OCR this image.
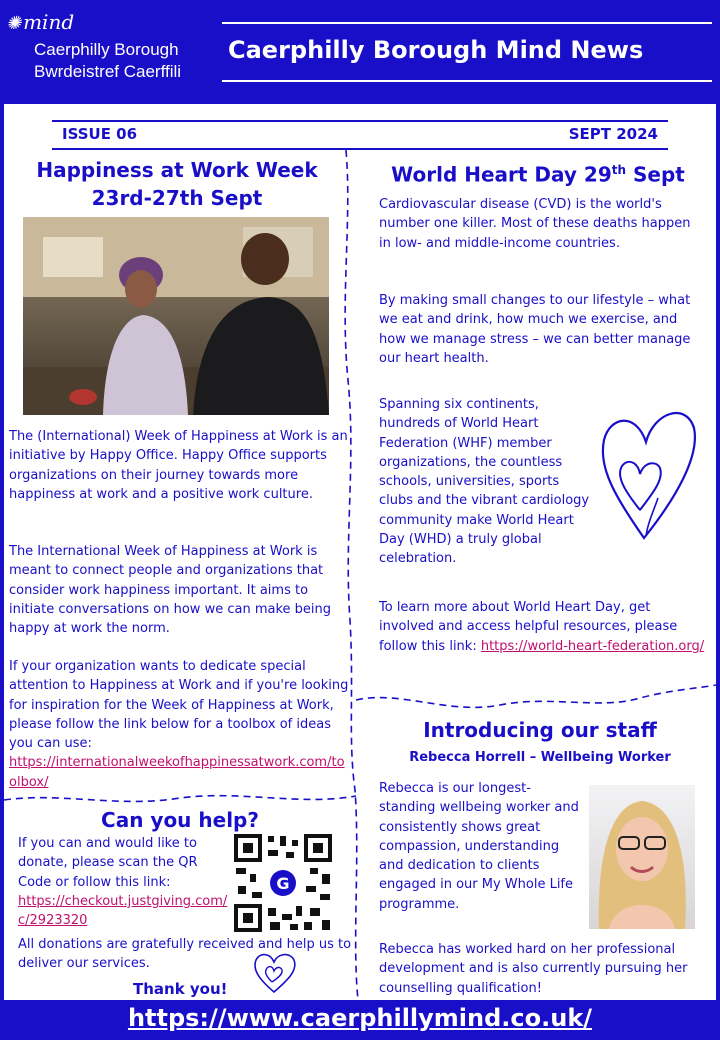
✺ mind
Caerphilly Borough
Bwrdeistref Caerffili
Caerphilly Borough Mind News
ISSUE 06	SEPT 2024
Happiness at Work Week
23rd-27th Sept

The (International) Week of Happiness at Work is an initiative by Happy Office. Happy Office supports organizations on their journey towards more happiness at work and a positive work culture.

The International Week of Happiness at Work is meant to connect people and organizations that consider work happiness important. It aims to initiate conversations on how we can make being happy at work the norm.

If your organization wants to dedicate special attention to Happiness at Work and if you're looking for inspiration for the Week of Happiness at Work, please follow the link below for a toolbox of ideas you can use:
https://internationalweekofhappinessatwork.com/toolbox/

Can you help?

If you can and would like to donate, please scan the QR Code or follow this link:
https://checkout.justgiving.com/c/2923320

G

All donations are gratefully received and help us to deliver our services.

Thank you!
World Heart Day 29th Sept

Cardiovascular disease (CVD) is the world's number one killer. Most of these deaths happen in low- and middle-income countries.

By making small changes to our lifestyle – what we eat and drink, how much we exercise, and how we manage stress – we can better manage our heart health.

Spanning six continents, hundreds of World Heart Federation (WHF) member organizations, the countless schools, universities, sports clubs and the vibrant cardiology community make World Heart Day (WHD) a truly global celebration.

To learn more about World Heart Day, get involved and access helpful resources, please follow this link: https://world-heart-federation.org/

Introducing our staff
Rebecca Horrell – Wellbeing Worker

Rebecca is our longest-standing wellbeing worker and consistently shows great compassion, understanding and dedication to clients engaged in our My Whole Life programme.

Rebecca has worked hard on her professional development and is also currently pursuing her counselling qualification!

https://www.caerphillymind.co.uk/
